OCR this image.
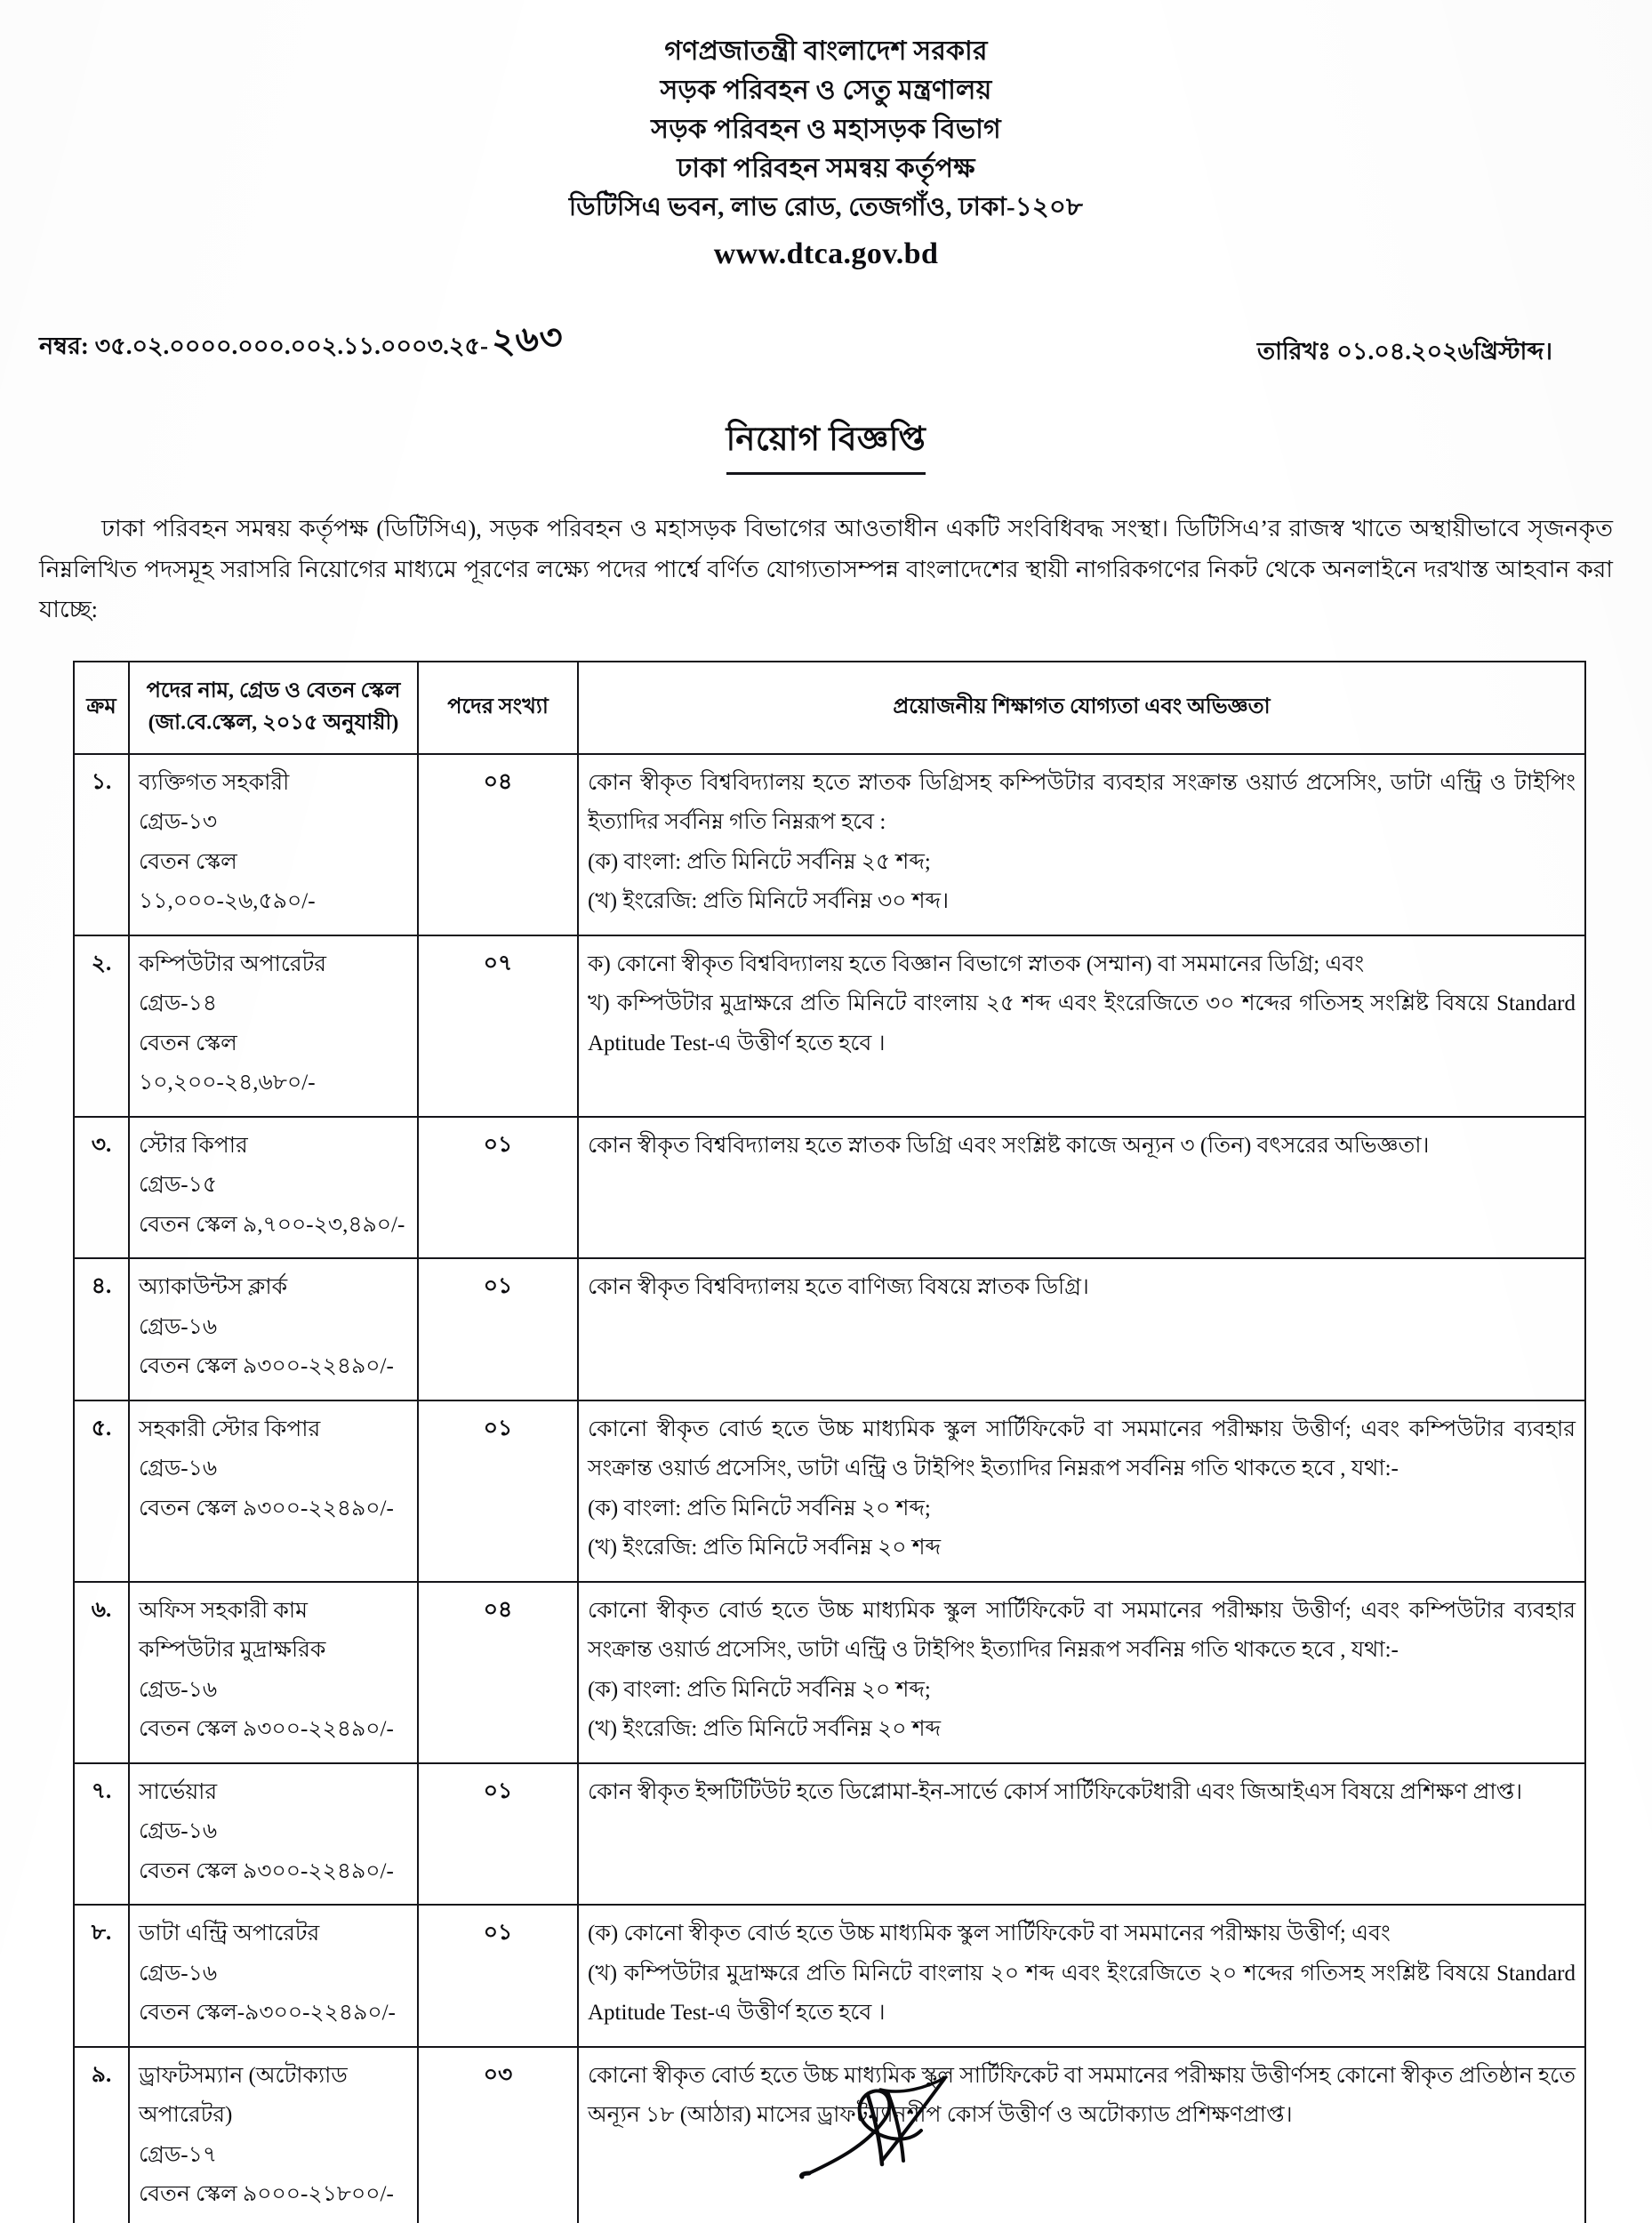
গণপ্রজাতন্ত্রী বাংলাদেশ সরকার
সড়ক পরিবহন ও সেতু মন্ত্রণালয়
সড়ক পরিবহন ও মহাসড়ক বিভাগ
ঢাকা পরিবহন সমন্বয় কর্তৃপক্ষ
ডিটিসিএ ভবন, লাভ রোড, তেজগাঁও, ঢাকা-১২০৮
www.dtca.gov.bd
নম্বর: ৩৫.০২.০০০০.০০০.০০২.১১.০০০৩.২৫- ২৬৩	তারিখঃ ০১.০৪.২০২৬খ্রিস্টাব্দ।
নিয়োগ বিজ্ঞপ্তি

ঢাকা পরিবহন সমন্বয় কর্তৃপক্ষ (ডিটিসিএ), সড়ক পরিবহন ও মহাসড়ক বিভাগের আওতাধীন একটি সংবিধিবদ্ধ সংস্থা। ডিটিসিএ’র রাজস্ব খাতে অস্থায়ীভাবে সৃজনকৃত নিম্নলিখিত পদসমূহ সরাসরি নিয়োগের মাধ্যমে পূরণের লক্ষ্যে পদের পার্শ্বে বর্ণিত যোগ্যতাসম্পন্ন বাংলাদেশের স্থায়ী নাগরিকগণের নিকট থেকে অনলাইনে দরখাস্ত আহবান করা যাচ্ছে:

ক্রম	পদের নাম, গ্রেড ও বেতন স্কেল
(জা.বে.স্কেল, ২০১৫ অনুযায়ী)	পদের সংখ্যা	প্রয়োজনীয় শিক্ষাগত যোগ্যতা এবং অভিজ্ঞতা
১.	ব্যক্তিগত সহকারী
গ্রেড-১৩
বেতন স্কেল ১১,০০০-২৬,৫৯০/-
	০৪	কোন স্বীকৃত বিশ্ববিদ্যালয় হতে স্নাতক ডিগ্রিসহ কম্পিউটার ব্যবহার সংক্রান্ত ওয়ার্ড প্রসেসিং, ডাটা এন্ট্রি ও টাইপিং ইত্যাদির সর্বনিম্ন গতি নিম্নরূপ হবে :
(ক) বাংলা: প্রতি মিনিটে সর্বনিম্ন ২৫ শব্দ;
(খ) ইংরেজি: প্রতি মিনিটে সর্বনিম্ন ৩০ শব্দ।

২.	কম্পিউটার অপারেটর
গ্রেড-১৪
বেতন স্কেল ১০,২০০-২৪,৬৮০/-
	০৭	ক) কোনো স্বীকৃত বিশ্ববিদ্যালয় হতে বিজ্ঞান বিভাগে স্নাতক (সম্মান) বা সমমানের ডিগ্রি; এবং
খ) কম্পিউটার মুদ্রাক্ষরে প্রতি মিনিটে বাংলায় ২৫ শব্দ এবং ইংরেজিতে ৩০ শব্দের গতিসহ সংশ্লিষ্ট বিষয়ে Standard Aptitude Test-এ উত্তীর্ণ হতে হবে ।

৩.	স্টোর কিপার
গ্রেড-১৫
বেতন স্কেল ৯,৭০০-২৩,৪৯০/-	০১	কোন স্বীকৃত বিশ্ববিদ্যালয় হতে স্নাতক ডিগ্রি এবং সংশ্লিষ্ট কাজে অন্যূন ৩ (তিন) বৎসরের অভিজ্ঞতা।

৪.	অ্যাকাউন্টস ক্লার্ক
গ্রেড-১৬
বেতন স্কেল ৯৩০০-২২৪৯০/-	০১	কোন স্বীকৃত বিশ্ববিদ্যালয় হতে বাণিজ্য বিষয়ে স্নাতক ডিগ্রি।

৫.	সহকারী স্টোর কিপার
গ্রেড-১৬
বেতন স্কেল ৯৩০০-২২৪৯০/-
	০১	কোনো স্বীকৃত বোর্ড হতে উচ্চ মাধ্যমিক স্কুল সার্টিফিকেট বা সমমানের পরীক্ষায় উত্তীর্ণ; এবং কম্পিউটার ব্যবহার সংক্রান্ত ওয়ার্ড প্রসেসিং, ডাটা এন্ট্রি ও টাইপিং ইত্যাদির নিম্নরূপ সর্বনিম্ন গতি থাকতে হবে , যথা:-
(ক) বাংলা: প্রতি মিনিটে সর্বনিম্ন ২০ শব্দ;
(খ) ইংরেজি: প্রতি মিনিটে সর্বনিম্ন ২০ শব্দ

৬.	অফিস সহকারী কাম
কম্পিউটার মুদ্রাক্ষরিক
গ্রেড-১৬
বেতন স্কেল ৯৩০০-২২৪৯০/-
	০৪	কোনো স্বীকৃত বোর্ড হতে উচ্চ মাধ্যমিক স্কুল সার্টিফিকেট বা সমমানের পরীক্ষায় উত্তীর্ণ; এবং কম্পিউটার ব্যবহার সংক্রান্ত ওয়ার্ড প্রসেসিং, ডাটা এন্ট্রি ও টাইপিং ইত্যাদির নিম্নরূপ সর্বনিম্ন গতি থাকতে হবে , যথা:-
(ক) বাংলা: প্রতি মিনিটে সর্বনিম্ন ২০ শব্দ;
(খ) ইংরেজি: প্রতি মিনিটে সর্বনিম্ন ২০ শব্দ

৭.	সার্ভেয়ার
গ্রেড-১৬
বেতন স্কেল ৯৩০০-২২৪৯০/-	০১	কোন স্বীকৃত ইন্সটিটিউট হতে ডিপ্লোমা-ইন-সার্ভে কোর্স সার্টিফিকেটধারী এবং জিআইএস বিষয়ে প্রশিক্ষণ প্রাপ্ত।

৮.	ডাটা এন্ট্রি অপারেটর
গ্রেড-১৬
বেতন স্কেল-৯৩০০-২২৪৯০/-
	০১	(ক) কোনো স্বীকৃত বোর্ড হতে উচ্চ মাধ্যমিক স্কুল সার্টিফিকেট বা সমমানের পরীক্ষায় উত্তীর্ণ; এবং
(খ) কম্পিউটার মুদ্রাক্ষরে প্রতি মিনিটে বাংলায় ২০ শব্দ এবং ইংরেজিতে ২০ শব্দের গতিসহ সংশ্লিষ্ট বিষয়ে Standard Aptitude Test-এ উত্তীর্ণ হতে হবে ।

৯.	ড্রাফটসম্যান (অটোক্যাড অপারেটর)
গ্রেড-১৭
বেতন স্কেল ৯০০০-২১৮০০/-	০৩	কোনো স্বীকৃত বোর্ড হতে উচ্চ মাধ্যমিক স্কুল সার্টিফিকেট বা সমমানের পরীক্ষায় উত্তীর্ণসহ কোনো স্বীকৃত প্রতিষ্ঠান হতে অন্যূন ১৮ (আঠার) মাসের ড্রাফটম্যানশীপ কোর্স উত্তীর্ণ ও অটোক্যাড প্রশিক্ষণপ্রাপ্ত।
